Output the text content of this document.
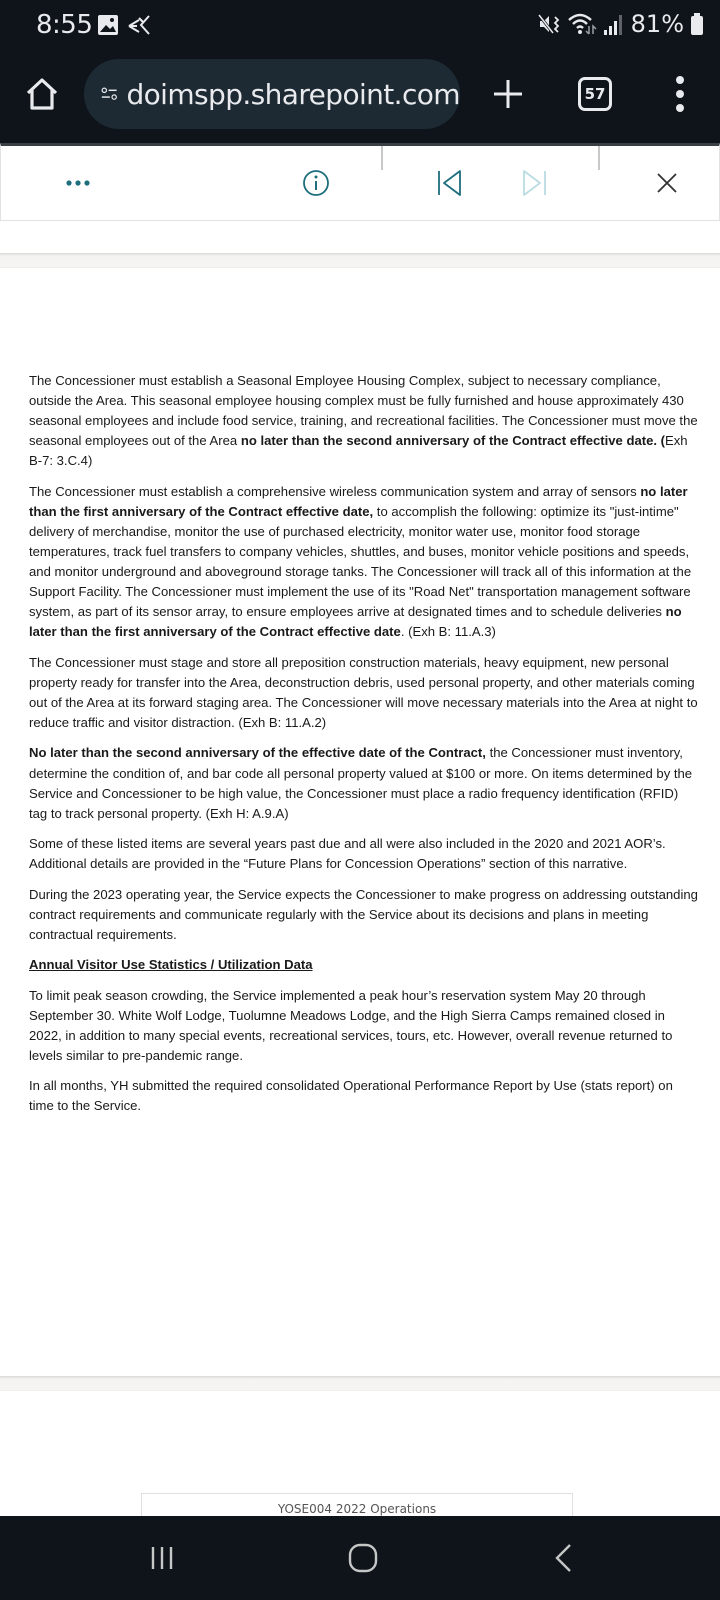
8:55	81%
doimspp.sharepoint.com	57

The Concessioner must establish a Seasonal Employee Housing Complex, subject to necessary compliance, outside the Area. This seasonal employee housing complex must be fully furnished and house approximately 430 seasonal employees and include food service, training, and recreational facilities. The Concessioner must move the seasonal employees out of the Area no later than the second anniversary of the Contract effective date. (Exh B-7: 3.C.4)

The Concessioner must establish a comprehensive wireless communication system and array of sensors no later than the first anniversary of the Contract effective date, to accomplish the following: optimize its "just-intime" delivery of merchandise, monitor the use of purchased electricity, monitor water use, monitor food storage temperatures, track fuel transfers to company vehicles, shuttles, and buses, monitor vehicle positions and speeds, and monitor underground and aboveground storage tanks. The Concessioner will track all of this information at the Support Facility. The Concessioner must implement the use of its "Road Net" transportation management software system, as part of its sensor array, to ensure employees arrive at designated times and to schedule deliveries no later than the first anniversary of the Contract effective date. (Exh B: 11.A.3)

The Concessioner must stage and store all preposition construction materials, heavy equipment, new personal property ready for transfer into the Area, deconstruction debris, used personal property, and other materials coming out of the Area at its forward staging area. The Concessioner will move necessary materials into the Area at night to reduce traffic and visitor distraction. (Exh B: 11.A.2)

No later than the second anniversary of the effective date of the Contract, the Concessioner must inventory, determine the condition of, and bar code all personal property valued at $100 or more. On items determined by the Service and Concessioner to be high value, the Concessioner must place a radio frequency identification (RFID) tag to track personal property. (Exh H: A.9.A)

Some of these listed items are several years past due and all were also included in the 2020 and 2021 AOR’s. Additional details are provided in the “Future Plans for Concession Operations” section of this narrative.

During the 2023 operating year, the Service expects the Concessioner to make progress on addressing outstanding contract requirements and communicate regularly with the Service about its decisions and plans in meeting contractual requirements.

Annual Visitor Use Statistics / Utilization Data

To limit peak season crowding, the Service implemented a peak hour’s reservation system May 20 through September 30. White Wolf Lodge, Tuolumne Meadows Lodge, and the High Sierra Camps remained closed in 2022, in addition to many special events, recreational services, tours, etc. However, overall revenue returned to levels similar to pre-pandemic range.

In all months, YH submitted the required consolidated Operational Performance Report by Use (stats report) on time to the Service.

YOSE004 2022 Operations
